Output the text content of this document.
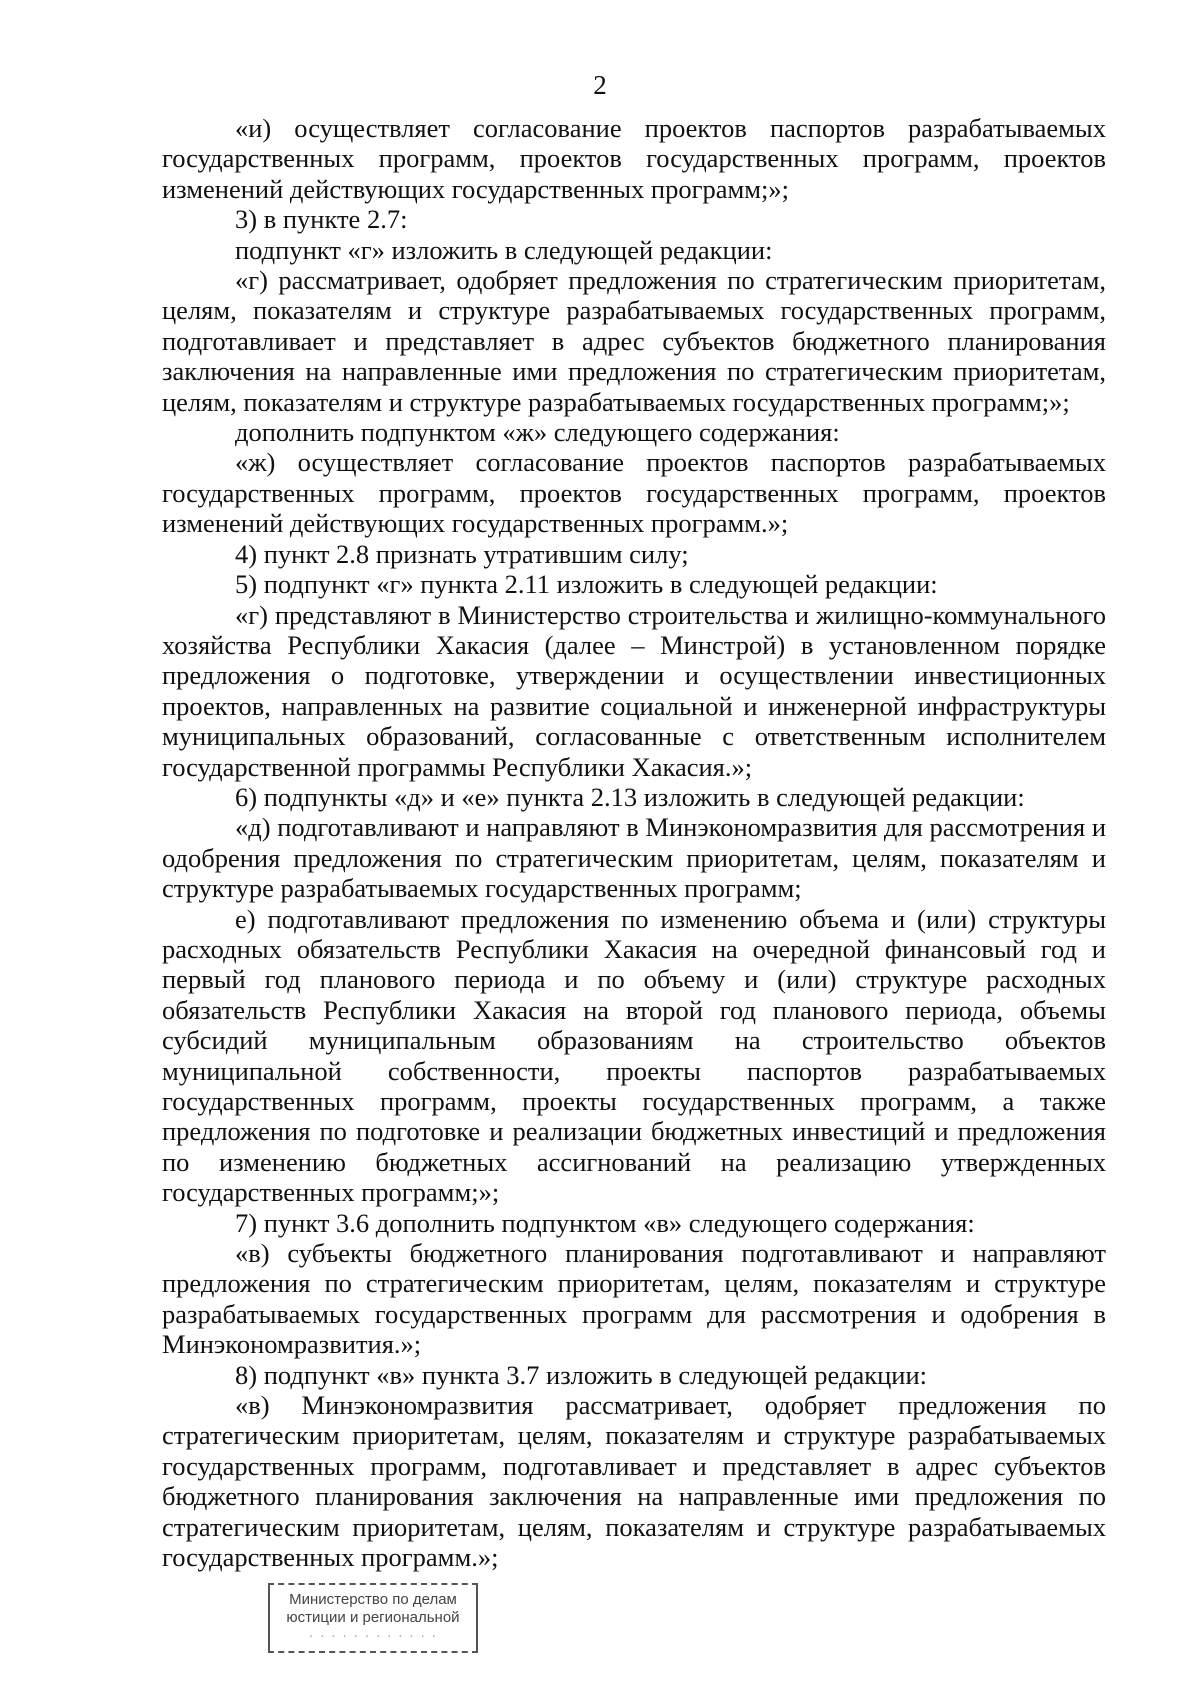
2

«и) осуществляет согласование проектов паспортов разрабатываемых государственных программ, проектов государственных программ, проектов изменений действующих государственных программ;»;

3) в пункте 2.7:

подпункт «г» изложить в следующей редакции:

«г) рассматривает, одобряет предложения по стратегическим приоритетам, целям, показателям и структуре разрабатываемых государственных программ, подготавливает и представляет в адрес субъектов бюджетного планирования заключения на направленные ими предложения по стратегическим приоритетам, целям, показателям и структуре разрабатываемых государственных программ;»;

дополнить подпунктом «ж» следующего содержания:

«ж) осуществляет согласование проектов паспортов разрабатываемых государственных программ, проектов государственных программ, проектов изменений действующих государственных программ.»;

4) пункт 2.8 признать утратившим силу;

5) подпункт «г» пункта 2.11 изложить в следующей редакции:

«г) представляют в Министерство строительства и жилищно-коммунального хозяйства Республики Хакасия (далее – Минстрой) в установленном порядке предложения о подготовке, утверждении и осуществлении инвестиционных проектов, направленных на развитие социальной и инженерной инфраструктуры муниципальных образований, согласованные с ответственным исполнителем государственной программы Республики Хакасия.»;

6) подпункты «д» и «е» пункта 2.13 изложить в следующей редакции:

«д) подготавливают и направляют в Минэкономразвития для рассмотрения и одобрения предложения по стратегическим приоритетам, целям, показателям и структуре разрабатываемых государственных программ;

е) подготавливают предложения по изменению объема и (или) структуры расходных обязательств Республики Хакасия на очередной финансовый год и первый год планового периода и по объему и (или) структуре расходных обязательств Республики Хакасия на второй год планового периода, объемы субсидий муниципальным образованиям на строительство объектов муниципальной собственности, проекты паспортов разрабатываемых государственных программ, проекты государственных программ, а также предложения по подготовке и реализации бюджетных инвестиций и предложения по изменению бюджетных ассигнований на реализацию утвержденных государственных программ;»;

7) пункт 3.6 дополнить подпунктом «в» следующего содержания:

«в) субъекты бюджетного планирования подготавливают и направляют предложения по стратегическим приоритетам, целям, показателям и структуре разрабатываемых государственных программ для рассмотрения и одобрения в Минэкономразвития.»;

8) подпункт «в» пункта 3.7 изложить в следующей редакции:

«в) Минэкономразвития рассматривает, одобряет предложения по стратегическим приоритетам, целям, показателям и структуре разрабатываемых государственных программ, подготавливает и представляет в адрес субъектов бюджетного планирования заключения на направленные ими предложения по стратегическим приоритетам, целям, показателям и структуре разрабатываемых государственных программ.»;

Министерство по делам
юстиции и региональной
· · · · · · · · · · · ·
